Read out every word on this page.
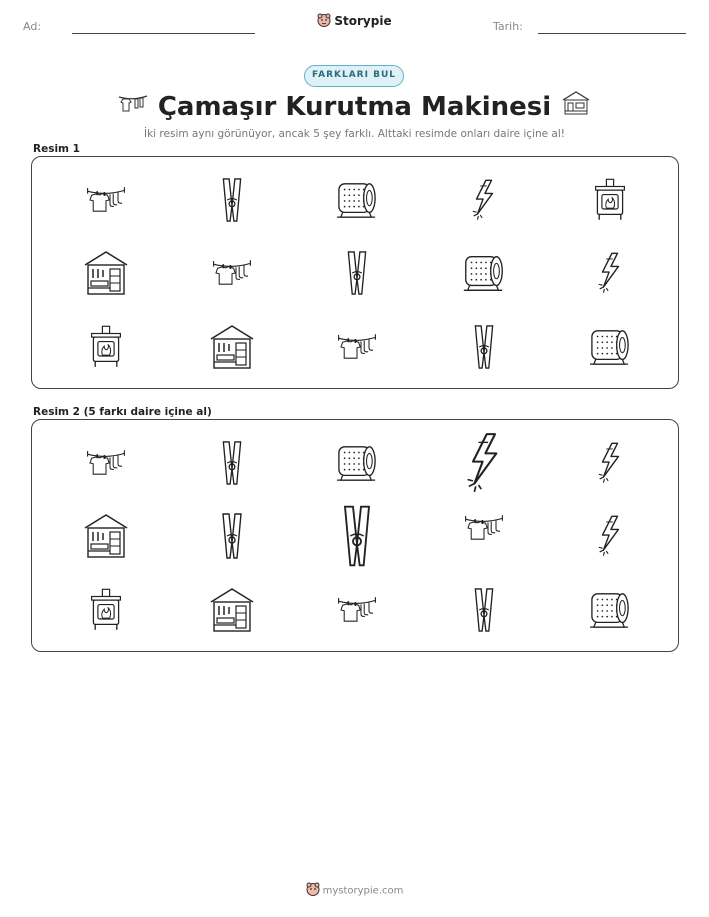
Ad:	Storypie	Tarih:
FARKLARI BUL
Çamaşır Kurutma Makinesi
İki resim aynı görünüyor, ancak 5 şey farklı. Alttaki resimde onları daire içine al!
Resim 1
Resim 2 (5 farkı daire içine al)
mystorypie.com
